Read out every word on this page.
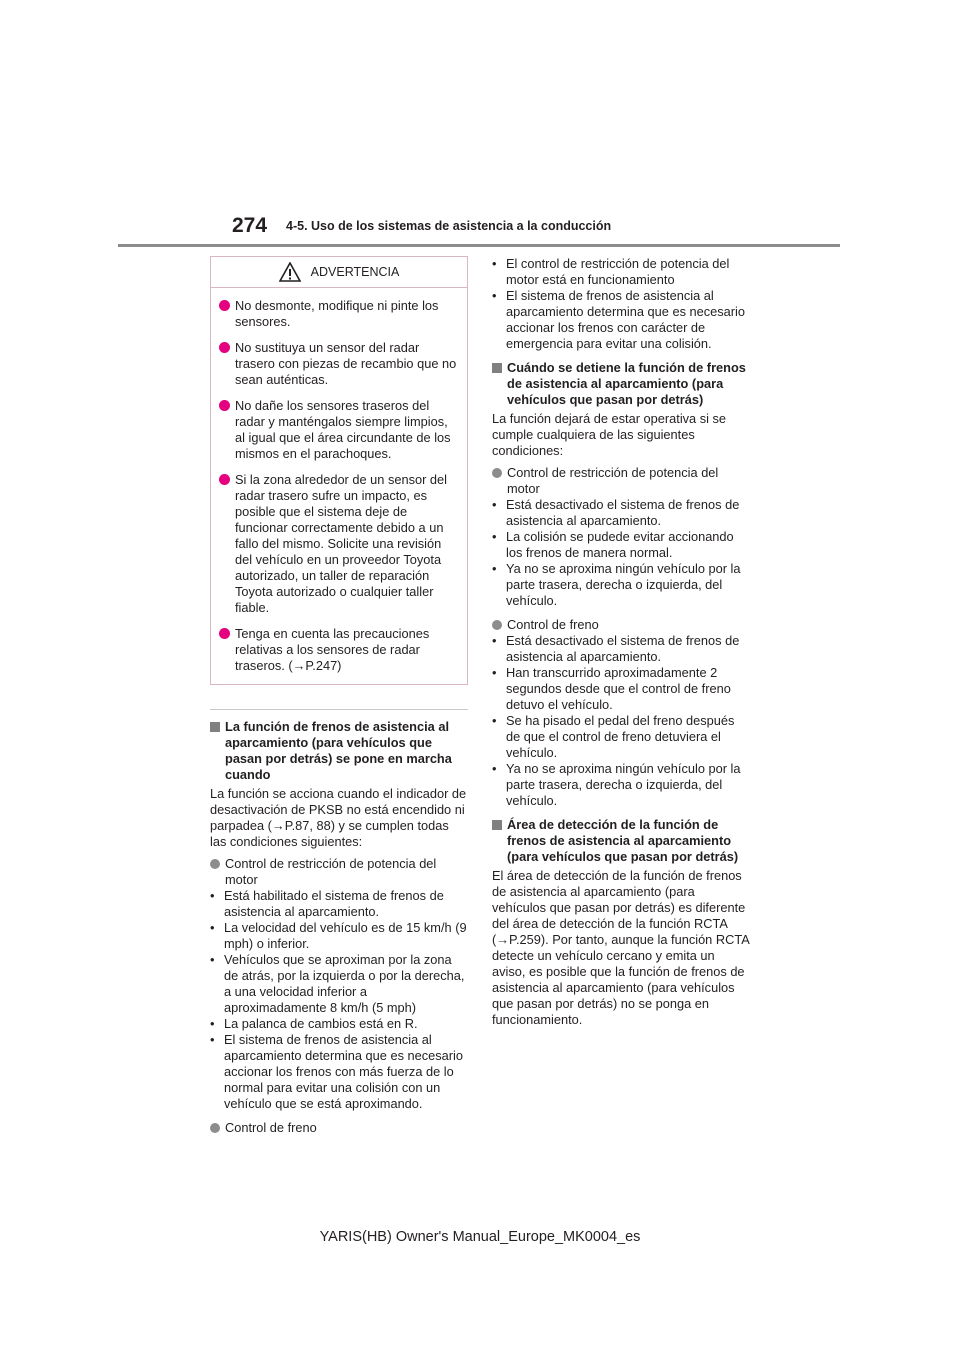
274 4-5. Uso de los sistemas de asistencia a la conducción
ADVERTENCIA

No desmonte, modifique ni pinte los sensores.

No sustituya un sensor del radar trasero con piezas de recambio que no sean auténticas.

No dañe los sensores traseros del radar y manténgalos siempre limpios, al igual que el área circundante de los mismos en el parachoques.

Si la zona alrededor de un sensor del radar trasero sufre un impacto, es posible que el sistema deje de funcionar correctamente debido a un fallo del mismo. Solicite una revisión del vehículo en un proveedor Toyota autorizado, un taller de reparación Toyota autorizado o cualquier taller fiable.

Tenga en cuenta las precauciones relativas a los sensores de radar traseros. (→P.247)

La función de frenos de asistencia al aparcamiento (para vehículos que pasan por detrás) se pone en marcha cuando

La función se acciona cuando el indicador de desactivación de PKSB no está encendido ni parpadea (→P.87, 88) y se cumplen todas las condiciones siguientes:

Control de restricción de potencia del motor

• Está habilitado el sistema de frenos de asistencia al aparcamiento.

• La velocidad del vehículo es de 15 km/h (9 mph) o inferior.

• Vehículos que se aproximan por la zona de atrás, por la izquierda o por la derecha, a una velocidad inferior a aproximadamente 8 km/h (5 mph)

• La palanca de cambios está en R.

• El sistema de frenos de asistencia al aparcamiento determina que es necesario accionar los frenos con más fuerza de lo normal para evitar una colisión con un vehículo que se está aproximando.

Control de freno

• El control de restricción de potencia del motor está en funcionamiento

• El sistema de frenos de asistencia al aparcamiento determina que es necesario accionar los frenos con carácter de emergencia para evitar una colisión.

Cuándo se detiene la función de frenos de asistencia al aparcamiento (para vehículos que pasan por detrás)

La función dejará de estar operativa si se cumple cualquiera de las siguientes condiciones:

Control de restricción de potencia del motor

• Está desactivado el sistema de frenos de asistencia al aparcamiento.

• La colisión se pudede evitar accionando los frenos de manera normal.

• Ya no se aproxima ningún vehículo por la parte trasera, derecha o izquierda, del vehículo.

Control de freno

• Está desactivado el sistema de frenos de asistencia al aparcamiento.

• Han transcurrido aproximadamente 2 segundos desde que el control de freno detuvo el vehículo.

• Se ha pisado el pedal del freno después de que el control de freno detuviera el vehículo.

• Ya no se aproxima ningún vehículo por la parte trasera, derecha o izquierda, del vehículo.

Área de detección de la función de frenos de asistencia al aparcamiento (para vehículos que pasan por detrás)

El área de detección de la función de frenos de asistencia al aparcamiento (para vehículos que pasan por detrás) es diferente del área de detección de la función RCTA (→P.259). Por tanto, aunque la función RCTA detecte un vehículo cercano y emita un aviso, es posible que la función de frenos de asistencia al aparcamiento (para vehículos que pasan por detrás) no se ponga en funcionamiento.

YARIS(HB) Owner's Manual_Europe_MK0004_es
